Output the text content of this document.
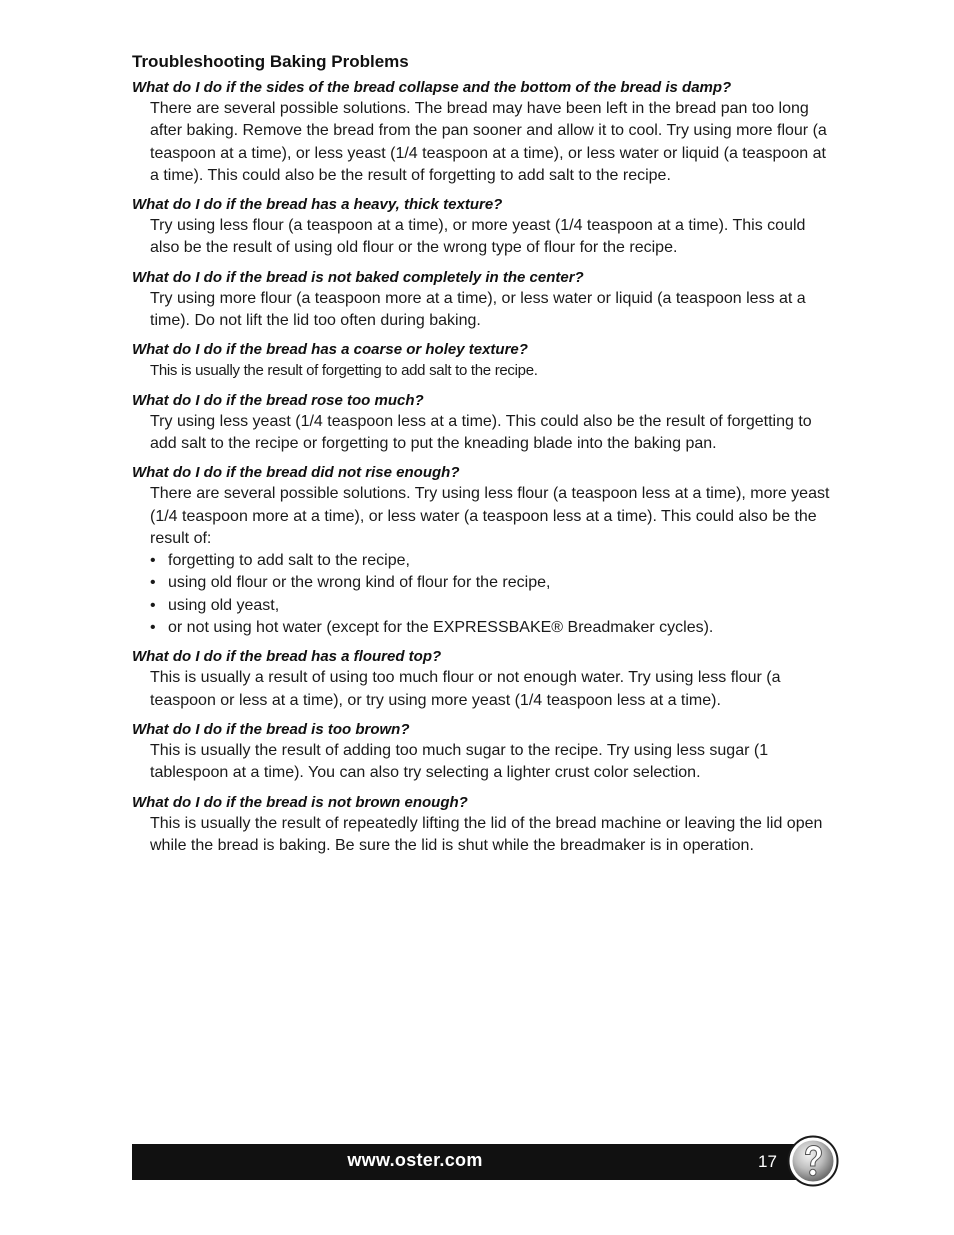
Troubleshooting Baking Problems

What do I do if the sides of the bread collapse and the bottom of the bread is damp?

There are several possible solutions. The bread may have been left in the bread pan too long after baking. Remove the bread from the pan sooner and allow it to cool. Try using more flour (a teaspoon at a time), or less yeast (1/4 teaspoon at a time), or less water or liquid (a teaspoon at a time). This could also be the result of forgetting to add salt to the recipe.

What do I do if the bread has a heavy, thick texture?

Try using less flour (a teaspoon at a time), or more yeast (1/4 teaspoon at a time). This could also be the result of using old flour or the wrong type of flour for the recipe.

What do I do if the bread is not baked completely in the center?

Try using more flour (a teaspoon more at a time), or less water or liquid (a teaspoon less at a time). Do not lift the lid too often during baking.

What do I do if the bread has a coarse or holey texture?

This is usually the result of forgetting to add salt to the recipe.

What do I do if the bread rose too much?

Try using less yeast (1/4 teaspoon less at a time). This could also be the result of forgetting to add salt to the recipe or forgetting to put the kneading blade into the baking pan.

What do I do if the bread did not rise enough?

There are several possible solutions. Try using less flour (a teaspoon less at a time), more yeast (1/4 teaspoon more at a time), or less water (a teaspoon less at a time). This could also be the result of:

• forgetting to add salt to the recipe,
• using old flour or the wrong kind of flour for the recipe,
• using old yeast,
• or not using hot water (except for the EXPRESSBAKE® Breadmaker cycles).

What do I do if the bread has a floured top?

This is usually a result of using too much flour or not enough water. Try using less flour (a teaspoon or less at a time), or try using more yeast (1/4 teaspoon less at a time).

What do I do if the bread is too brown?

This is usually the result of adding too much sugar to the recipe. Try using less sugar (1 tablespoon at a time). You can also try selecting a lighter crust color selection.

What do I do if the bread is not brown enough?

This is usually the result of repeatedly lifting the lid of the bread machine or leaving the lid open while the bread is baking. Be sure the lid is shut while the breadmaker is in operation.

www.oster.com	17
